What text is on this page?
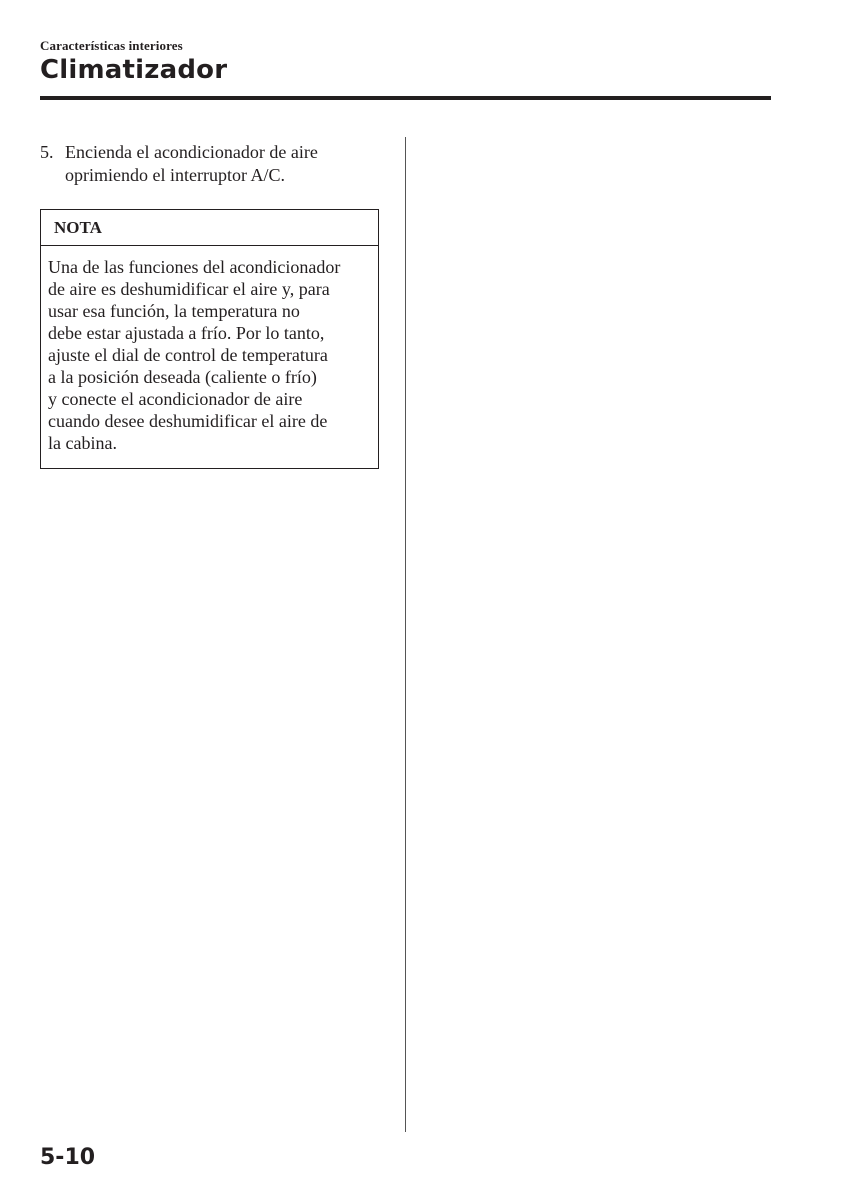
Características interiores
Climatizador
5. Encienda el acondicionador de aire oprimiendo el interruptor A/C.
NOTA
Una de las funciones del acondicionador
de aire es deshumidificar el aire y, para
usar esa función, la temperatura no
debe estar ajustada a frío. Por lo tanto,
ajuste el dial de control de temperatura
a la posición deseada (caliente o frío)
y conecte el acondicionador de aire
cuando desee deshumidificar el aire de
la cabina.
5-10
